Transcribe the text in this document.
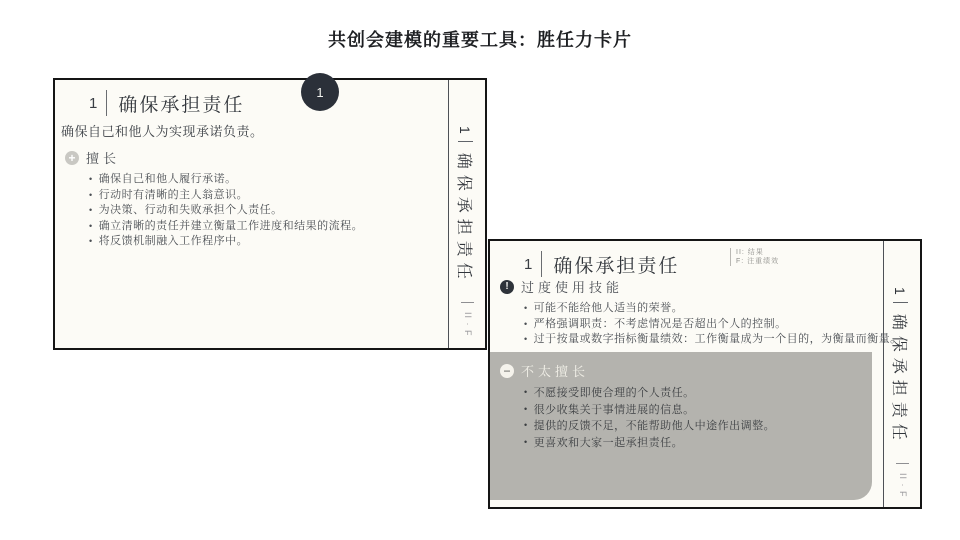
共创会建模的重要工具：胜任力卡片
1	确保承担责任
1
确保自己和他人为实现承诺负责。
+ 擅长
• 确保自己和他人履行承诺。
• 行动时有清晰的主人翁意识。
• 为决策、行动和失败承担个人责任。
• 确立清晰的责任并建立衡量工作进度和结果的流程。
• 将反馈机制融入工作程序中。
1
确保承担责任
II · F
1	确保承担责任
II: 结果
F: 注重绩效
! 过度使用技能
• 可能不能给他人适当的荣誉。
• 严格强调职责：不考虑情况是否超出个人的控制。
• 过于按量或数字指标衡量绩效：工作衡量成为一个目的，为衡量而衡量。
− 不太擅长
• 不愿接受即使合理的个人责任。
• 很少收集关于事情进展的信息。
• 提供的反馈不足，不能帮助他人中途作出调整。
• 更喜欢和大家一起承担责任。
1
确保承担责任
II · F
